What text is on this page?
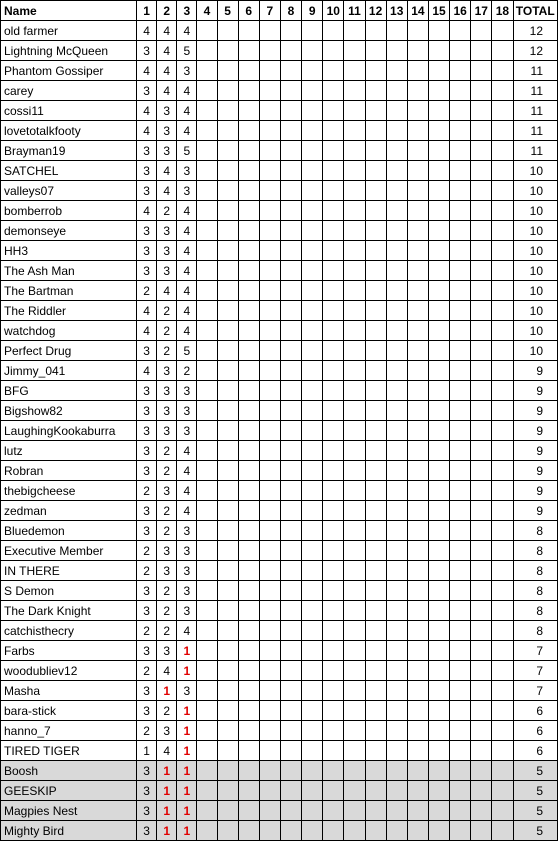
Name	1	2	3	4	5	6	7	8	9	10	11	12	13	14	15	16	17	18	TOTAL
old farmer	4	4	4																12
Lightning McQueen	3	4	5																12
Phantom Gossiper	4	4	3																11
carey	3	4	4																11
cossi11	4	3	4																11
lovetotalkfooty	4	3	4																11
Brayman19	3	3	5																11
SATCHEL	3	4	3																10
valleys07	3	4	3																10
bomberrob	4	2	4																10
demonseye	3	3	4																10
HH3	3	3	4																10
The Ash Man	3	3	4																10
The Bartman	2	4	4																10
The Riddler	4	2	4																10
watchdog	4	2	4																10
Perfect Drug	3	2	5																10
Jimmy_041	4	3	2																9
BFG	3	3	3																9
Bigshow82	3	3	3																9
LaughingKookaburra	3	3	3																9
lutz	3	2	4																9
Robran	3	2	4																9
thebigcheese	2	3	4																9
zedman	3	2	4																9
Bluedemon	3	2	3																8
Executive Member	2	3	3																8
IN THERE	2	3	3																8
S Demon	3	2	3																8
The Dark Knight	3	2	3																8
catchisthecry	2	2	4																8
Farbs	3	3	1																7
woodubliev12	2	4	1																7
Masha	3	1	3																7
bara-stick	3	2	1																6
hanno_7	2	3	1																6
TIRED TIGER	1	4	1																6
Boosh	3	1	1																5
GEESKIP	3	1	1																5
Magpies Nest	3	1	1																5
Mighty Bird	3	1	1																5
